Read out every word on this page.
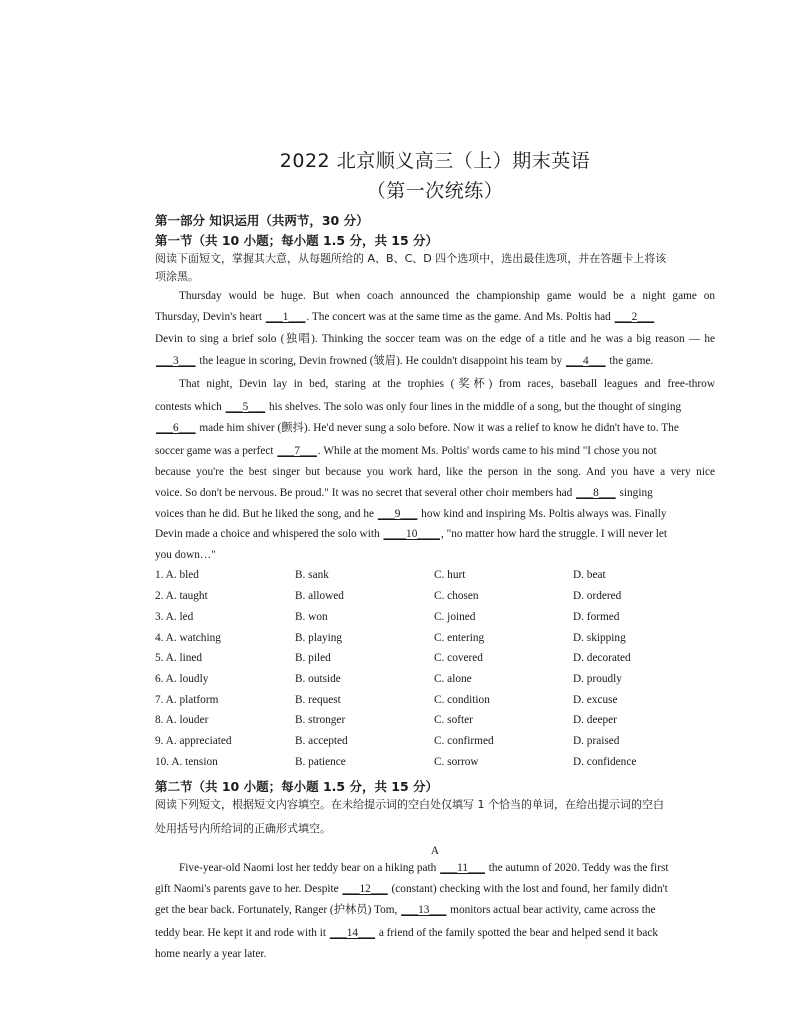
2022 北京顺义高三（上）期末英语
（第一次统练）
第一部分 知识运用（共两节，30 分）
第一节（共 10 小题；每小题 1.5 分，共 15 分）
阅读下面短文，掌握其大意，从每题所给的 A、B、C、D 四个选项中，选出最佳选项，并在答题卡上将该
项涂黑。
Thursday would be huge. But when coach announced the championship game would be a night game on
Thursday, Devin's heart ___1___. The concert was at the same time as the game. And Ms. Poltis had ___2___
Devin to sing a brief solo (独唱). Thinking the soccer team was on the edge of a title and he was a big reason — he
___3___ the league in scoring, Devin frowned (皱眉). He couldn't disappoint his team by ___4___ the game.
That night, Devin lay in bed, staring at the trophies (奖杯) from races, baseball leagues and free-throw
contests which ___5___ his shelves. The solo was only four lines in the middle of a song, but the thought of singing
___6___ made him shiver (颤抖). He'd never sung a solo before. Now it was a relief to know he didn't have to. The
soccer game was a perfect ___7___. While at the moment Ms. Poltis' words came to his mind "I chose you not
because you're the best singer but because you work hard, like the person in the song. And you have a very nice
voice. So don't be nervous. Be proud." It was no secret that several other choir members had ___8___ singing
voices than he did. But he liked the song, and he ___9___ how kind and inspiring Ms. Poltis always was. Finally
Devin made a choice and whispered the solo with ____10____, "no matter how hard the struggle. I will never let
you down…"
1. A. bled	B. sank	C. hurt	D. beat
2. A. taught	B. allowed	C. chosen	D. ordered
3. A. led	B. won	C. joined	D. formed
4. A. watching	B. playing	C. entering	D. skipping
5. A. lined	B. piled	C. covered	D. decorated
6. A. loudly	B. outside	C. alone	D. proudly
7. A. platform	B. request	C. condition	D. excuse
8. A. louder	B. stronger	C. softer	D. deeper
9. A. appreciated	B. accepted	C. confirmed	D. praised
10. A. tension	B. patience	C. sorrow	D. confidence
第二节（共 10 小题；每小题 1.5 分，共 15 分）
阅读下列短文，根据短文内容填空。在未给提示词的空白处仅填写 1 个恰当的单词，在给出提示词的空白
处用括号内所给词的正确形式填空。
A
Five-year-old Naomi lost her teddy bear on a hiking path ___11___ the autumn of 2020. Teddy was the first
gift Naomi's parents gave to her. Despite ___12___ (constant) checking with the lost and found, her family didn't
get the bear back. Fortunately, Ranger (护林员) Tom, ___13___ monitors actual bear activity, came across the
teddy bear. He kept it and rode with it ___14___ a friend of the family spotted the bear and helped send it back
home nearly a year later.
